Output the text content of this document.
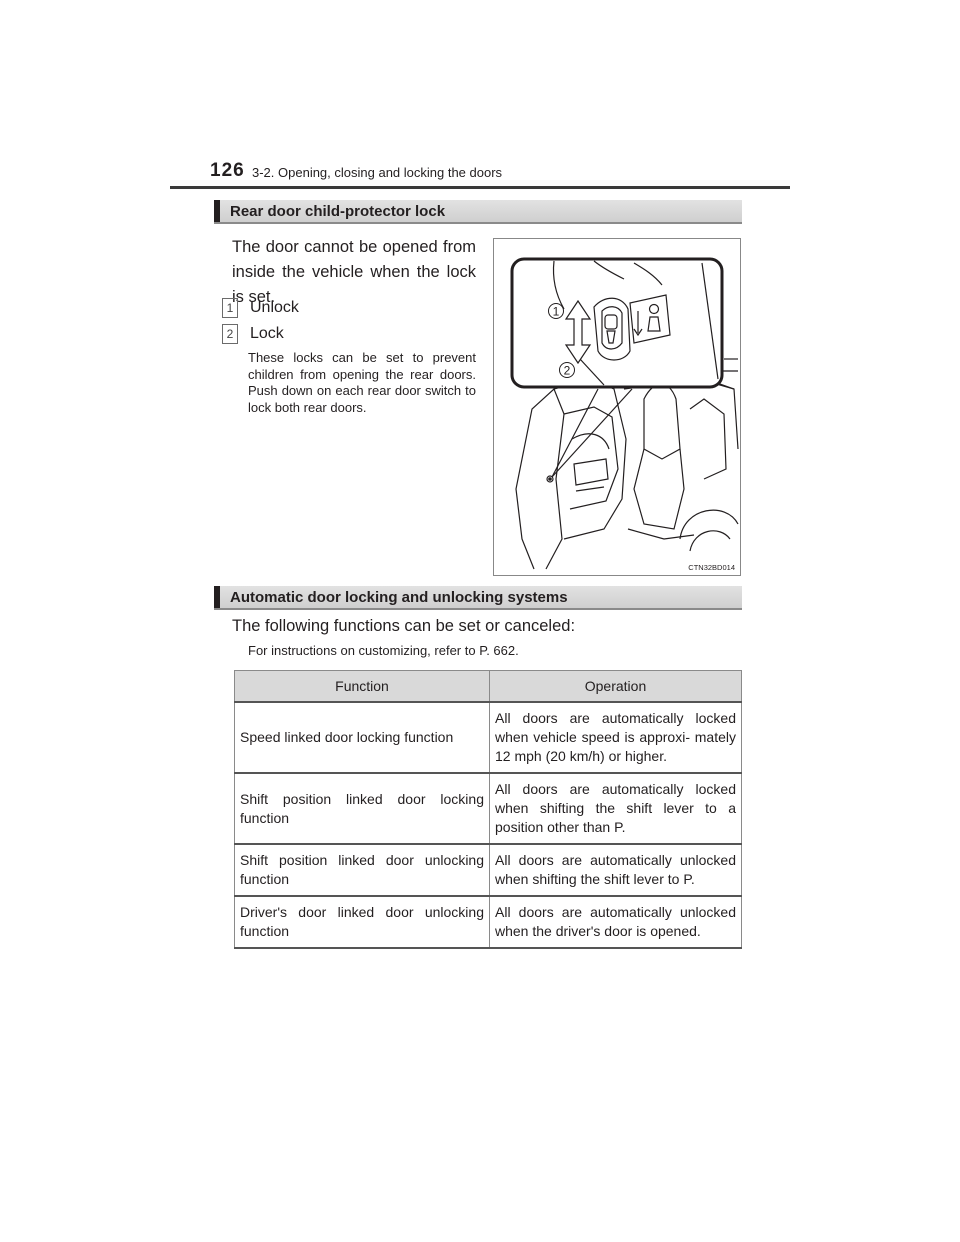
126 3-2. Opening, closing and locking the doors
Rear door child-protector lock
The door cannot be opened from inside the vehicle when the lock is set.
1 Unlock
2 Lock
These locks can be set to prevent children from opening the rear doors. Push down on each rear door switch to lock both rear doors.
1
2
CTN32BD014
Automatic door locking and unlocking systems
The following functions can be set or canceled:
For instructions on customizing, refer to P. 662.
Function	Operation
Speed linked door locking function	All doors are automatically locked when vehicle speed is approxi- mately 12 mph (20 km/h) or higher.
Shift position linked door locking function	All doors are automatically locked when shifting the shift lever to a position other than P.
Shift position linked door unlocking function	All doors are automatically unlocked when shifting the shift lever to P.
Driver's door linked door unlocking function	All doors are automatically unlocked when the driver's door is opened.
